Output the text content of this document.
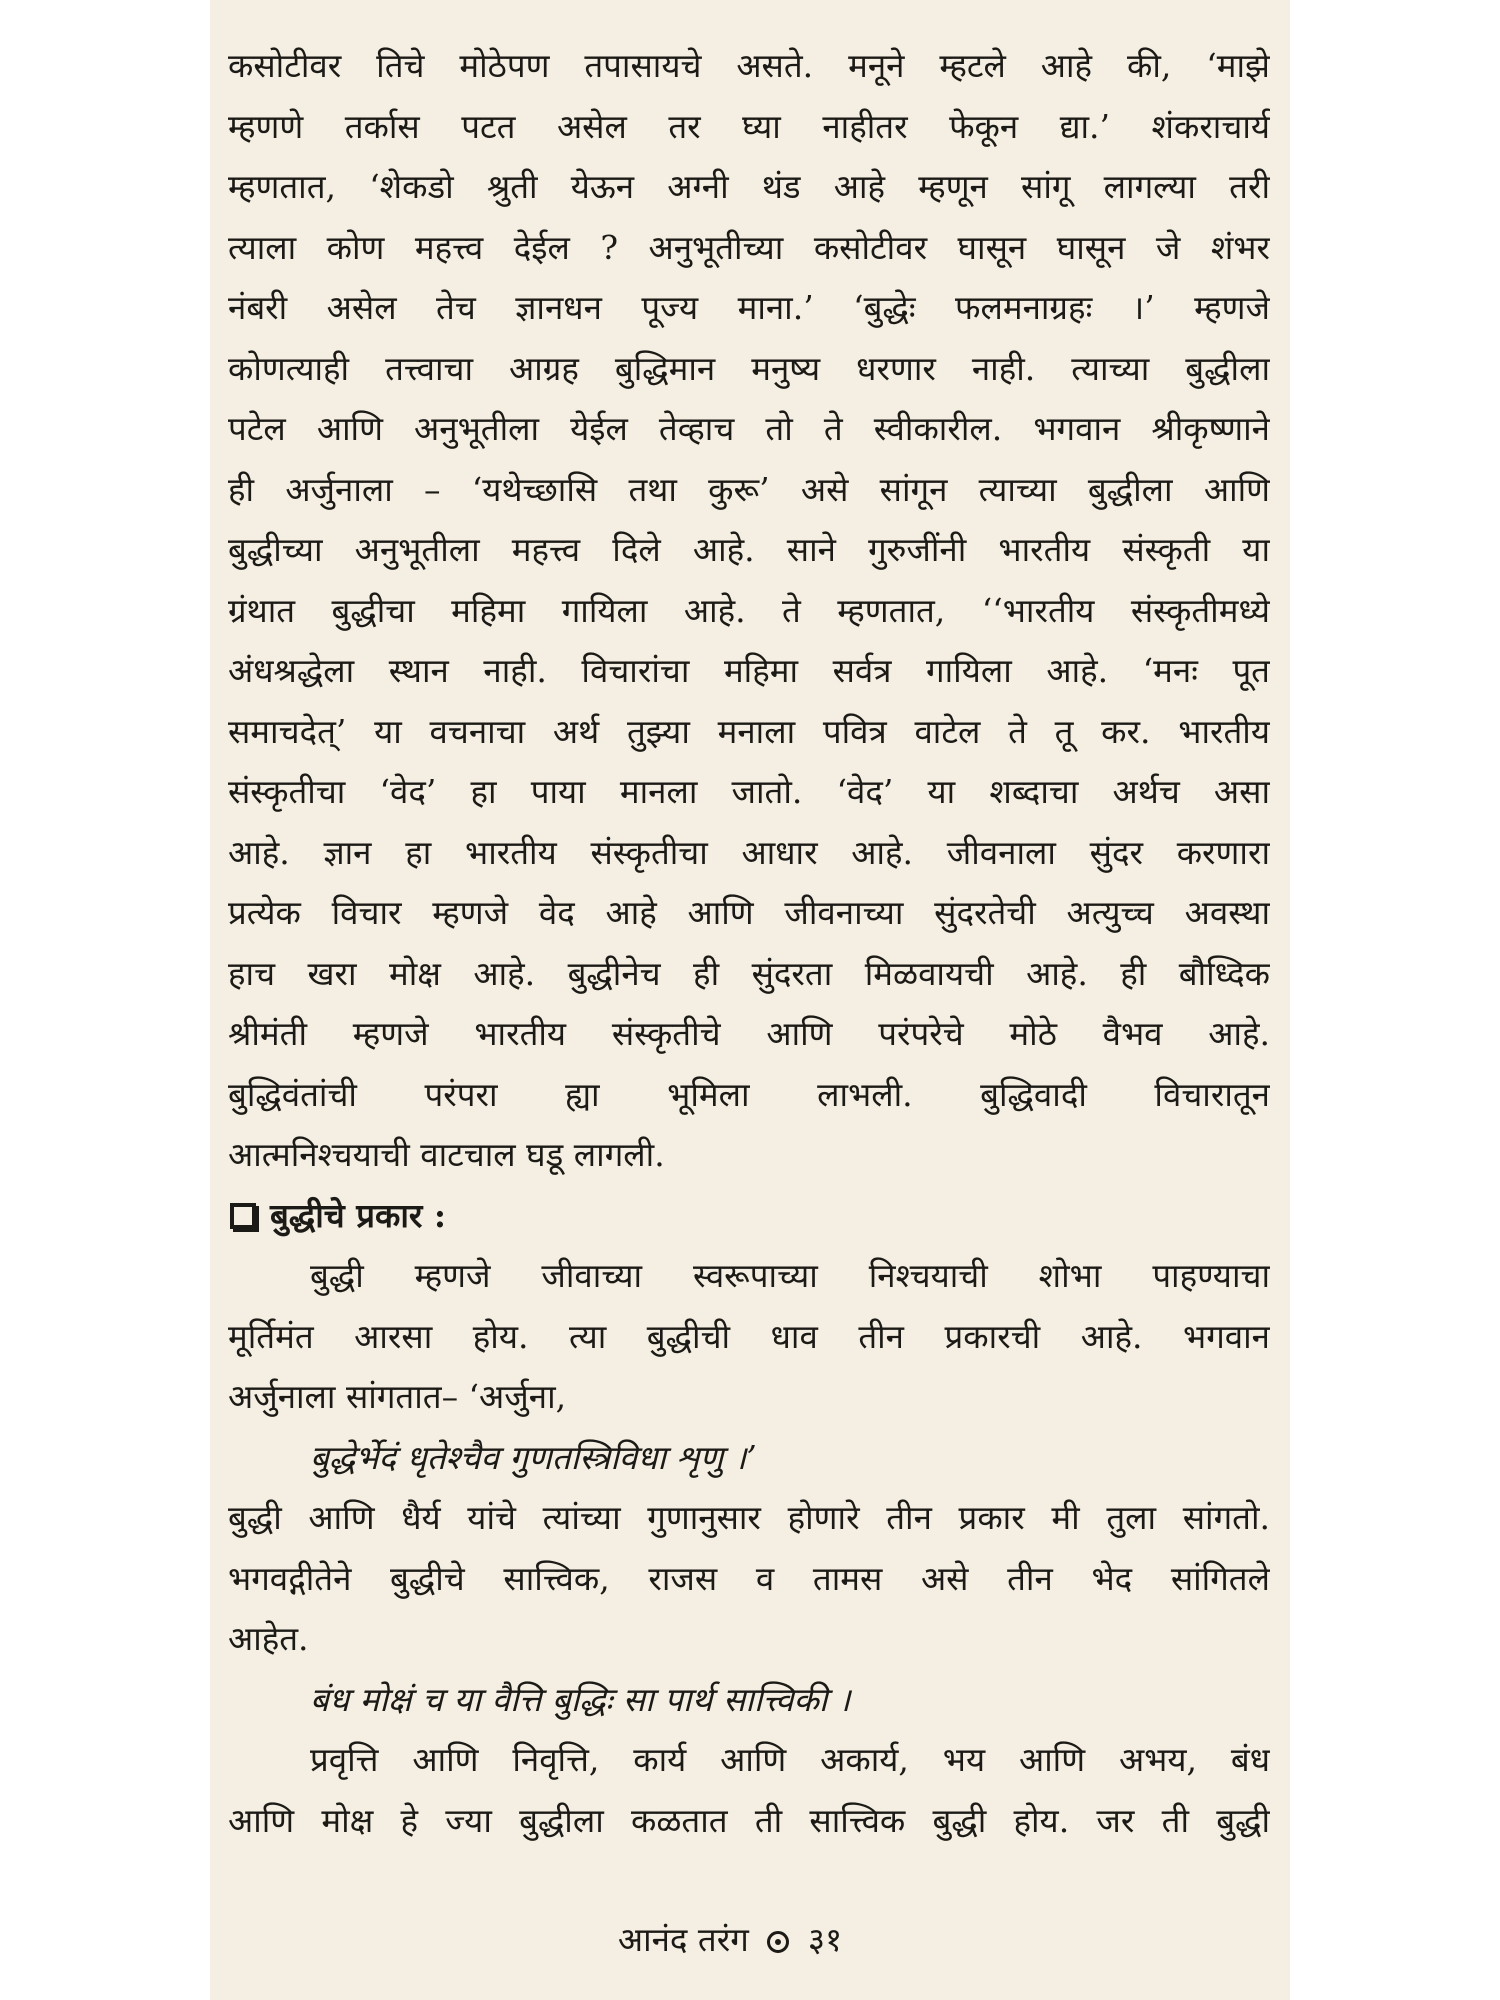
कसोटीवर तिचे मोठेपण तपासायचे असते. मनूने म्हटले आहे की, ‘माझे
म्हणणे तर्कास पटत असेल तर घ्या नाहीतर फेकून द्या.’ शंकराचार्य
म्हणतात, ‘शेकडो श्रुती येऊन अग्नी थंड आहे म्हणून सांगू लागल्या तरी
त्याला कोण महत्त्व देईल ? अनुभूतीच्या कसोटीवर घासून घासून जे शंभर
नंबरी असेल तेच ज्ञानधन पूज्य माना.’ ‘बुद्धेः फलमनाग्रहः ।’ म्हणजे
कोणत्याही तत्त्वाचा आग्रह बुद्धिमान मनुष्य धरणार नाही. त्याच्या बुद्धीला
पटेल आणि अनुभूतीला येईल तेव्हाच तो ते स्वीकारील. भगवान श्रीकृष्णाने
ही अर्जुनाला – ‘यथेच्छासि तथा कुरू’ असे सांगून त्याच्या बुद्धीला आणि
बुद्धीच्या अनुभूतीला महत्त्व दिले आहे. साने गुरुजींनी भारतीय संस्कृती या
ग्रंथात बुद्धीचा महिमा गायिला आहे. ते म्हणतात, ‘‘भारतीय संस्कृतीमध्ये
अंधश्रद्धेला स्थान नाही. विचारांचा महिमा सर्वत्र गायिला आहे. ‘मनः पूत
समाचदेत्’ या वचनाचा अर्थ तुझ्या मनाला पवित्र वाटेल ते तू कर. भारतीय
संस्कृतीचा ‘वेद’ हा पाया मानला जातो. ‘वेद’ या शब्दाचा अर्थच असा
आहे. ज्ञान हा भारतीय संस्कृतीचा आधार आहे. जीवनाला सुंदर करणारा
प्रत्येक विचार म्हणजे वेद आहे आणि जीवनाच्या सुंदरतेची अत्युच्च अवस्था
हाच खरा मोक्ष आहे. बुद्धीनेच ही सुंदरता मिळवायची आहे. ही बौध्दिक
श्रीमंती म्हणजे भारतीय संस्कृतीचे आणि परंपरेचे मोठे वैभव आहे.
बुद्धिवंतांची परंपरा ह्या भूमिला लाभली. बुद्धिवादी विचारातून
आत्मनिश्चयाची वाटचाल घडू लागली.
बुद्धीचे प्रकार :
बुद्धी म्हणजे जीवाच्या स्वरूपाच्या निश्चयाची शोभा पाहण्याचा
मूर्तिमंत आरसा होय. त्या बुद्धीची धाव तीन प्रकारची आहे. भगवान
अर्जुनाला सांगतात– ‘अर्जुना,
बुद्धेर्भेदं धृतेश्चैव गुणतस्त्रिविधा शृणु ।’
बुद्धी आणि धैर्य यांचे त्यांच्या गुणानुसार होणारे तीन प्रकार मी तुला सांगतो.
भगवद्गीतेने बुद्धीचे सात्त्विक, राजस व तामस असे तीन भेद सांगितले
आहेत.
बंध मोक्षं च या वैत्ति बुद्धिः सा पार्थ सात्त्विकी ।
प्रवृत्ति आणि निवृत्ति, कार्य आणि अकार्य, भय आणि अभय, बंध
आणि मोक्ष हे ज्या बुद्धीला कळतात ती सात्त्विक बुद्धी होय. जर ती बुद्धी
आनंद तरंग ३१
